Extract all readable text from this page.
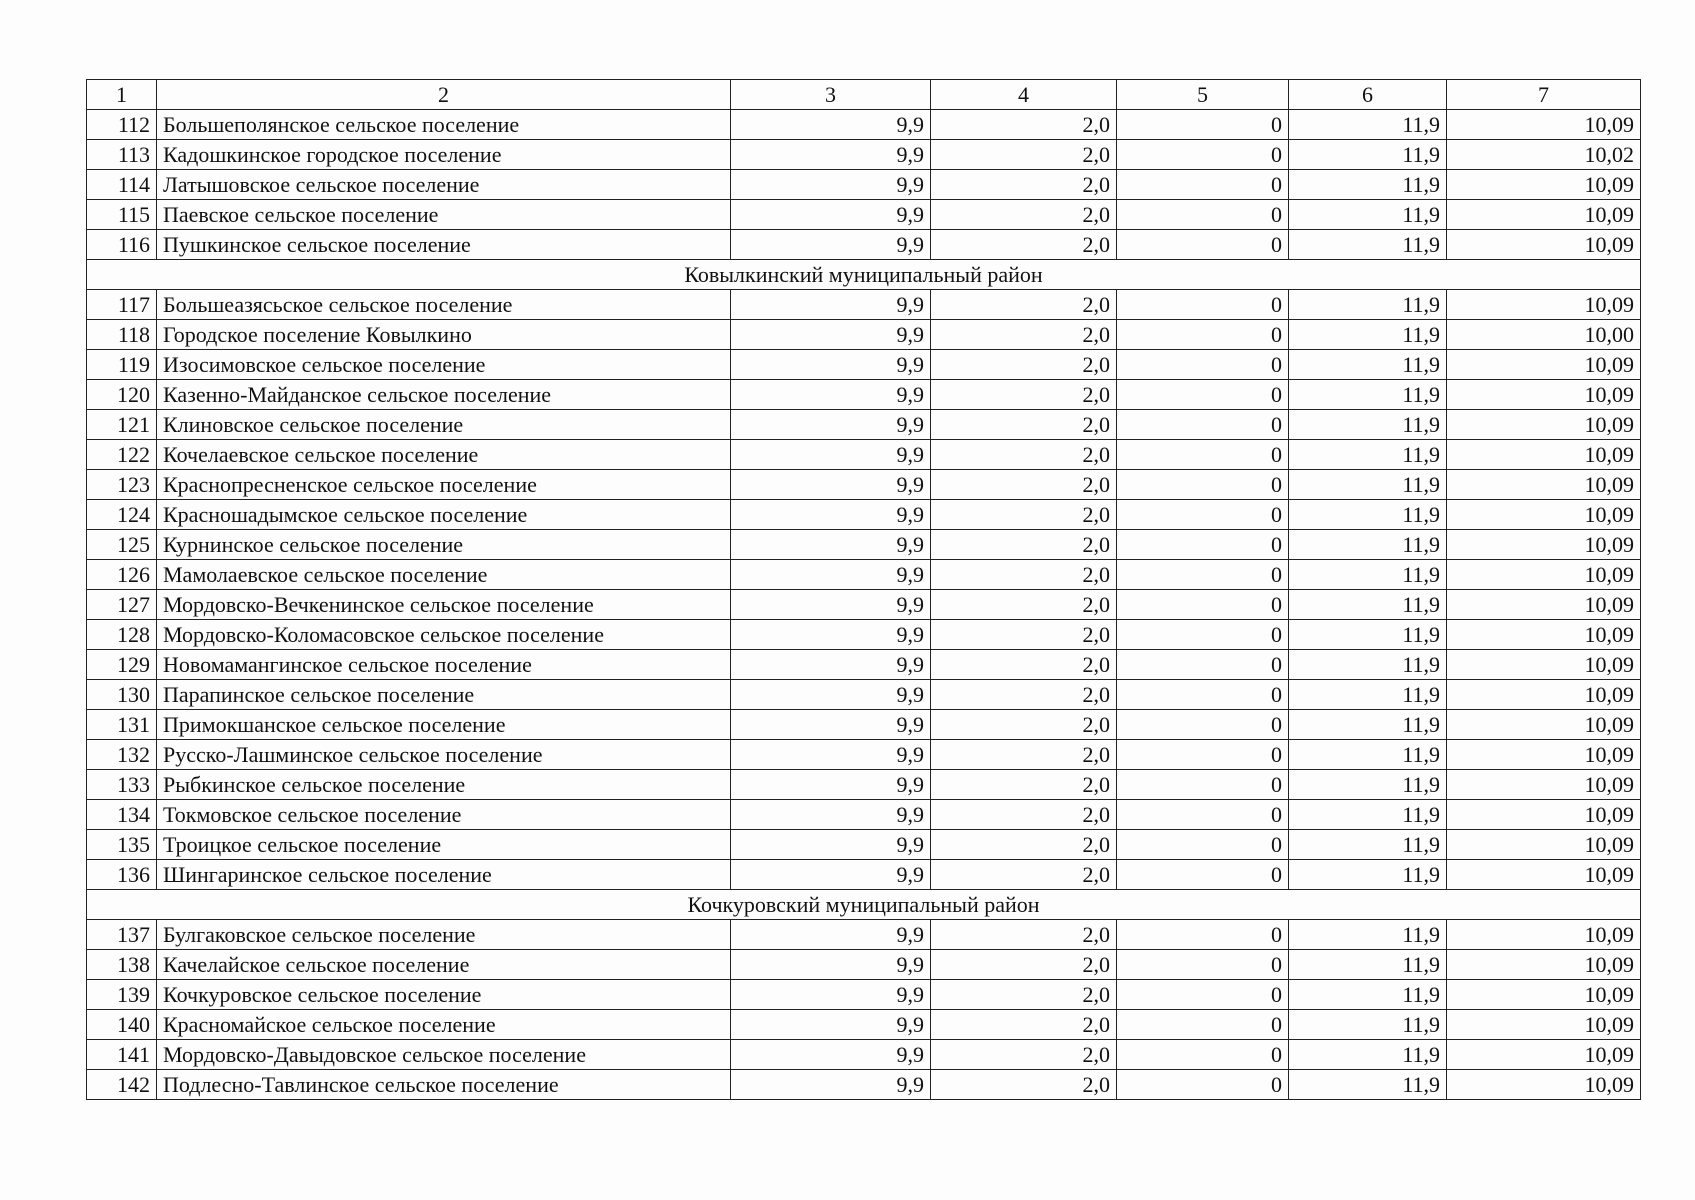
1	2	3	4	5	6	7
112	Большеполянское сельское поселение	9,9	2,0	0	11,9	10,09
113	Кадошкинское городское поселение	9,9	2,0	0	11,9	10,02
114	Латышовское сельское поселение	9,9	2,0	0	11,9	10,09
115	Паевское сельское поселение	9,9	2,0	0	11,9	10,09
116	Пушкинское сельское поселение	9,9	2,0	0	11,9	10,09
Ковылкинский муниципальный район						
117	Большеазясьское сельское поселение	9,9	2,0	0	11,9	10,09
118	Городское поселение Ковылкино	9,9	2,0	0	11,9	10,00
119	Изосимовское сельское поселение	9,9	2,0	0	11,9	10,09
120	Казенно-Майданское сельское поселение	9,9	2,0	0	11,9	10,09
121	Клиновское сельское поселение	9,9	2,0	0	11,9	10,09
122	Кочелаевское сельское поселение	9,9	2,0	0	11,9	10,09
123	Краснопресненское сельское поселение	9,9	2,0	0	11,9	10,09
124	Красношадымское сельское поселение	9,9	2,0	0	11,9	10,09
125	Курнинское сельское поселение	9,9	2,0	0	11,9	10,09
126	Мамолаевское сельское поселение	9,9	2,0	0	11,9	10,09
127	Мордовско-Вечкенинское сельское поселение	9,9	2,0	0	11,9	10,09
128	Мордовско-Коломасовское сельское поселение	9,9	2,0	0	11,9	10,09
129	Новомамангинское сельское поселение	9,9	2,0	0	11,9	10,09
130	Парапинское сельское поселение	9,9	2,0	0	11,9	10,09
131	Примокшанское сельское поселение	9,9	2,0	0	11,9	10,09
132	Русско-Лашминское сельское поселение	9,9	2,0	0	11,9	10,09
133	Рыбкинское сельское поселение	9,9	2,0	0	11,9	10,09
134	Токмовское сельское поселение	9,9	2,0	0	11,9	10,09
135	Троицкое сельское поселение	9,9	2,0	0	11,9	10,09
136	Шингаринское сельское поселение	9,9	2,0	0	11,9	10,09
Кочкуровский муниципальный район						
137	Булгаковское сельское поселение	9,9	2,0	0	11,9	10,09
138	Качелайское сельское поселение	9,9	2,0	0	11,9	10,09
139	Кочкуровское сельское поселение	9,9	2,0	0	11,9	10,09
140	Красномайское сельское поселение	9,9	2,0	0	11,9	10,09
141	Мордовско-Давыдовское сельское поселение	9,9	2,0	0	11,9	10,09
142	Подлесно-Тавлинское сельское поселение	9,9	2,0	0	11,9	10,09
